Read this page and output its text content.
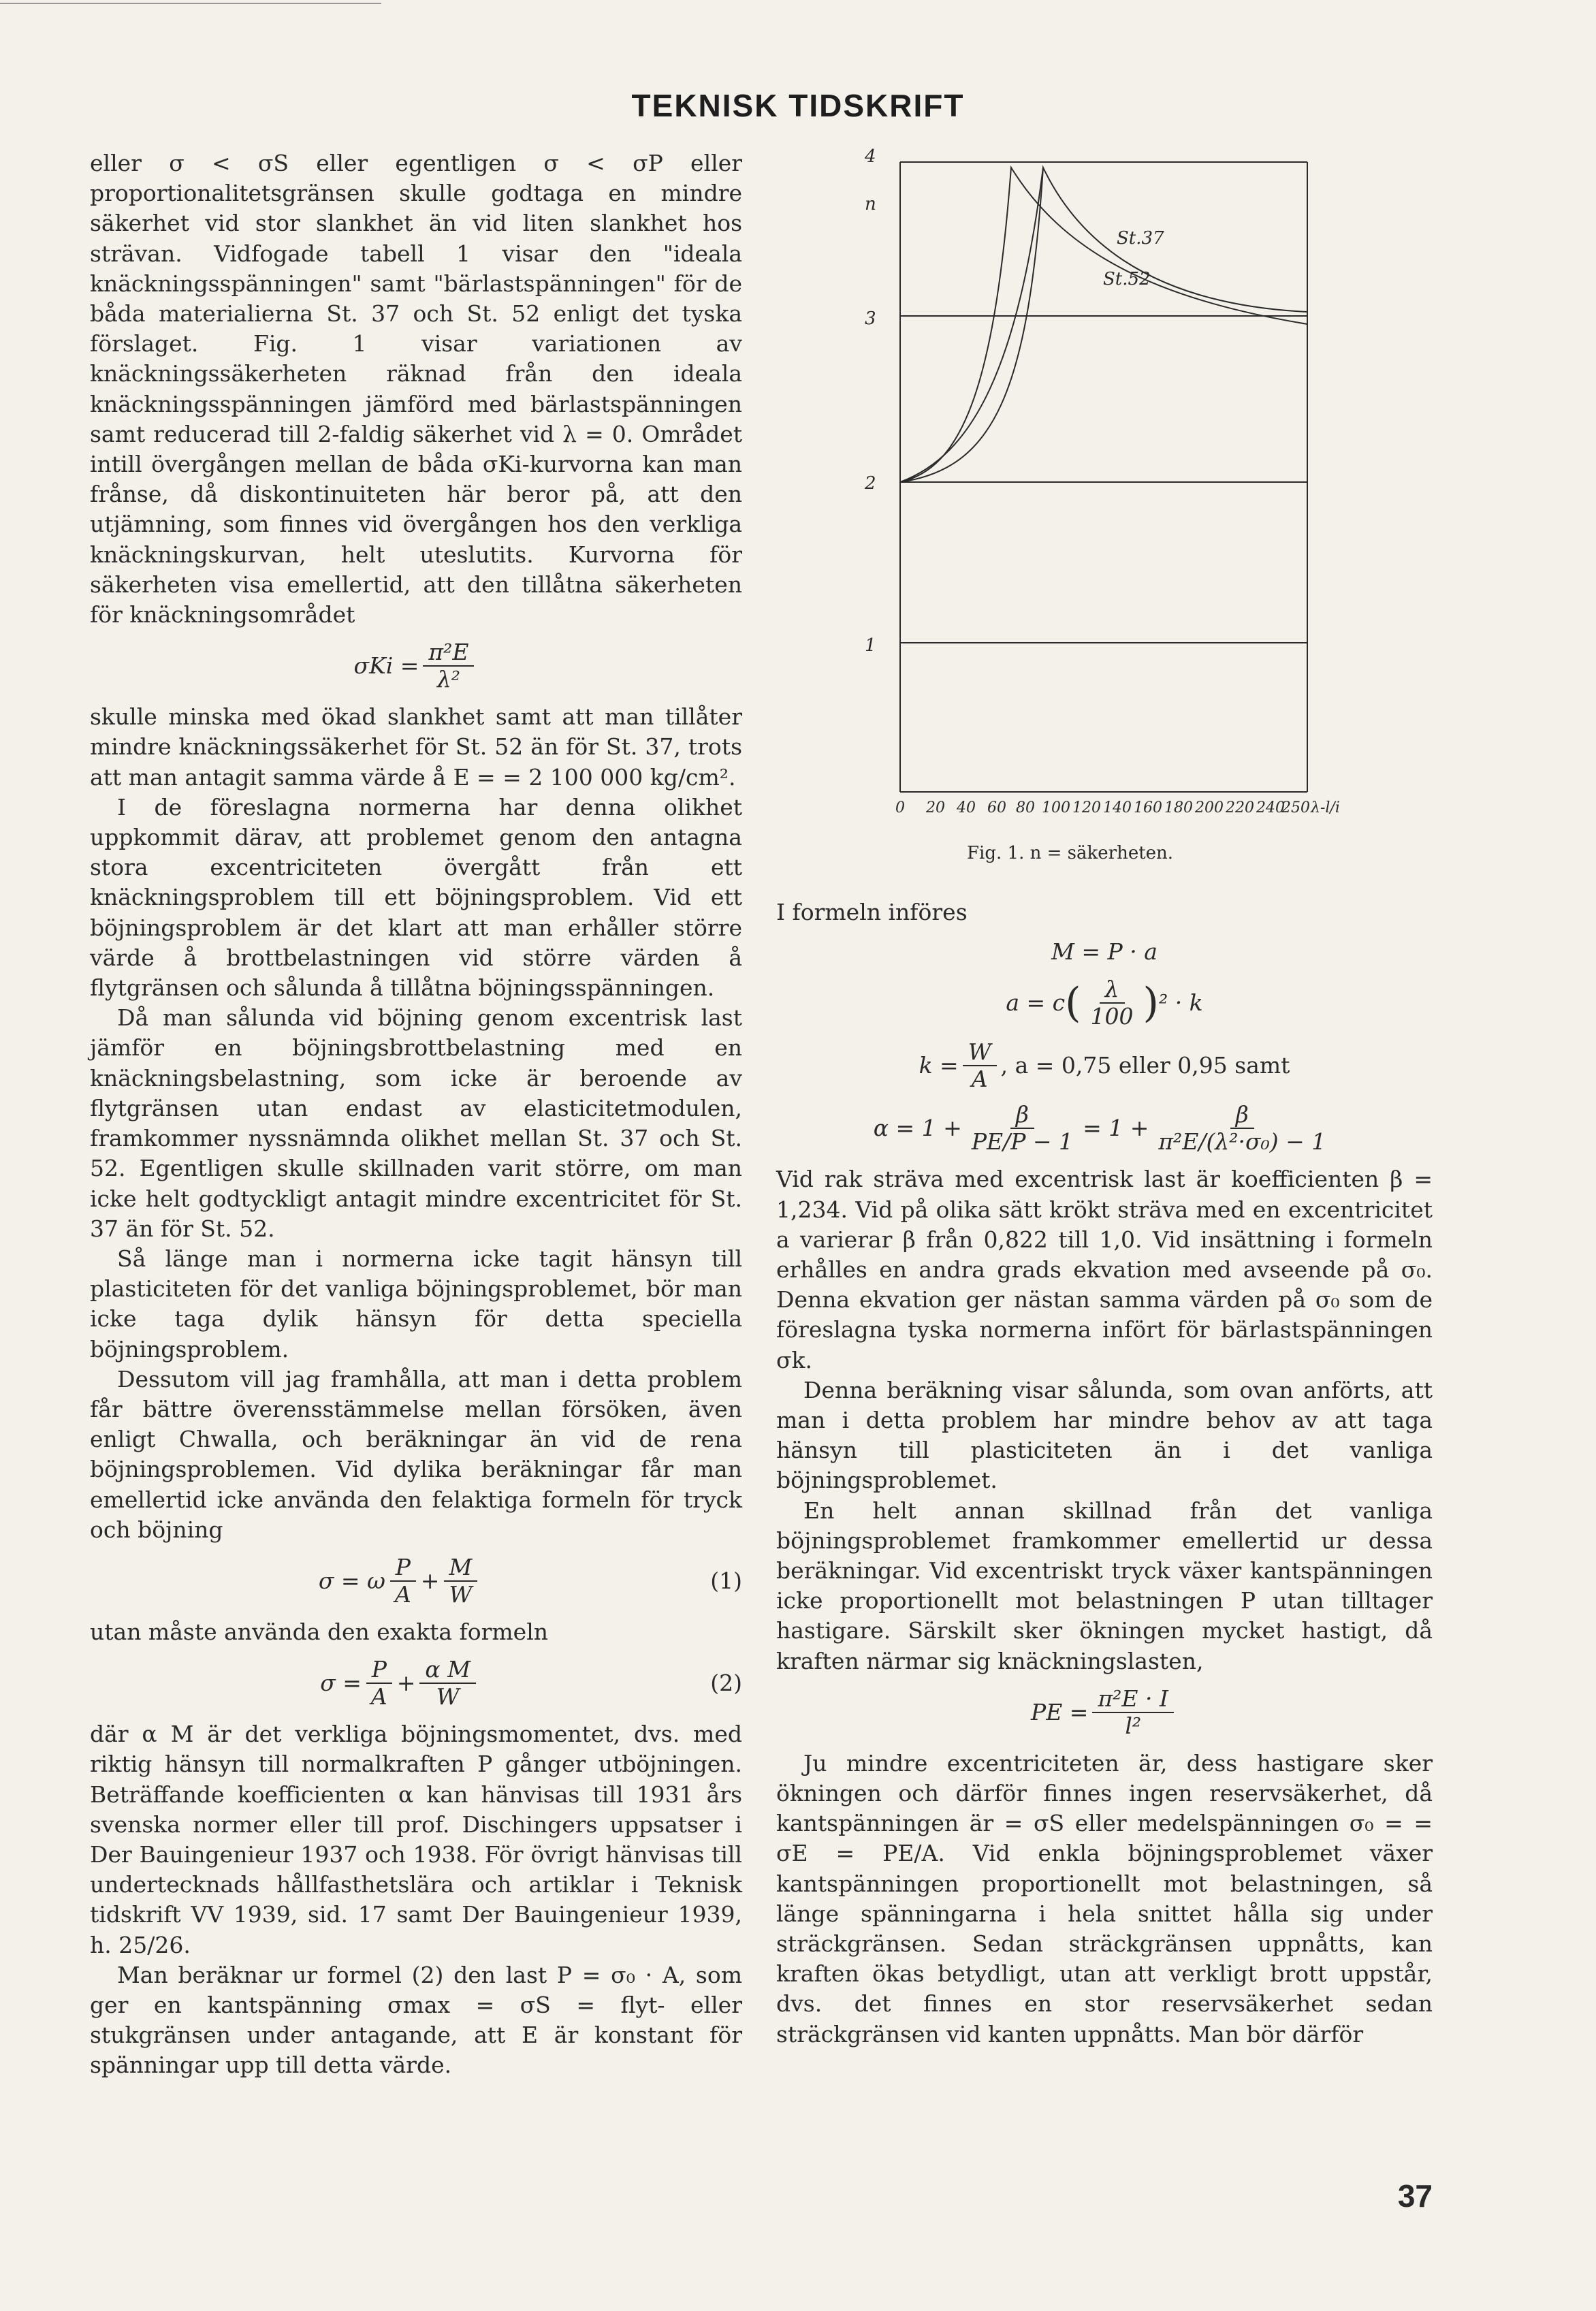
TEKNISK TIDSKRIFT

eller σ < σS eller egentligen σ < σP eller proportionalitetsgränsen skulle godtaga en mindre säkerhet vid stor slankhet än vid liten slankhet hos strävan. Vidfogade tabell 1 visar den "ideala knäckningsspänningen" samt "bärlastspänningen" för de båda materialierna St. 37 och St. 52 enligt det tyska förslaget. Fig. 1 visar variationen av knäckningssäkerheten räknad från den ideala knäckningsspänningen jämförd med bärlastspänningen samt reducerad till 2-faldig säkerhet vid λ = 0. Området intill övergången mellan de båda σKi-kurvorna kan man frånse, då diskontinuiteten här beror på, att den utjämning, som finnes vid övergången hos den verkliga knäckningskurvan, helt uteslutits. Kurvorna för säkerheten visa emellertid, att den tillåtna säkerheten för knäckningsområdet

$\sigma Ki = \frac{\text{π²E}}{\text{λ²}}$

skulle minska med ökad slankhet samt att man tillåter mindre knäckningssäkerhet för St. 52 än för St. 37, trots att man antagit samma värde å E = = 2 100 000 kg/cm².

I de föreslagna normerna har denna olikhet uppkommit därav, att problemet genom den antagna stora excentriciteten övergått från ett knäckningsproblem till ett böjningsproblem. Vid ett böjningsproblem är det klart att man erhåller större värde å brottbelastningen vid större värden å flytgränsen och sålunda å tillåtna böjningsspänningen.

Då man sålunda vid böjning genom excentrisk last jämför en böjningsbrottbelastning med en knäckningsbelastning, som icke är beroende av flytgränsen utan endast av elasticitetmodulen, framkommer nyssnämnda olikhet mellan St. 37 och St. 52. Egentligen skulle skillnaden varit större, om man icke helt godtyckligt antagit mindre excentricitet för St. 37 än för St. 52.

Så länge man i normerna icke tagit hänsyn till plasticiteten för det vanliga böjningsproblemet, bör man icke taga dylik hänsyn för detta speciella böjningsproblem.

Dessutom vill jag framhålla, att man i detta problem får bättre överensstämmelse mellan försöken, även enligt Chwalla, och beräkningar än vid de rena böjningsproblemen. Vid dylika beräkningar får man emellertid icke använda den felaktiga formeln för tryck och böjning

σ = ω $\frac{P}{A} + \frac{M}{W}$	(1)

utan måste använda den exakta formeln

$\sigma = \frac{P}{A} + \frac{\text{α M}}{W}$	(2)

där α M är det verkliga böjningsmomentet, dvs. med riktig hänsyn till normalkraften P gånger utböjningen. Beträffande koefficienten α kan hänvisas till 1931 års svenska normer eller till prof. Dischingers uppsatser i Der Bauingenieur 1937 och 1938. För övrigt hänvisas till undertecknads hållfasthetslära och artiklar i Teknisk tidskrift VV 1939, sid. 17 samt Der Bauingenieur 1939, h. 25/26.

Man beräknar ur formel (2) den last P = σ₀ · A, som ger en kantspänning σmax = σS = flyt- eller stukgränsen under antagande, att E är konstant för spänningar upp till detta värde.

4
n
3
2
1
St.37
St.52
0 20 40 60 80 100 120 140 160 180 200 220 240
250 λ-l/i
Fig. 1. n = säkerheten.

I formeln införes

M = P · a
a = c ( $\frac{\lambda}{100}$ ) ² · k
$k = \frac{W}{A}$ , a = 0,75 eller 0,95 samt
$\alpha = 1 + \frac{\beta}{PE/P - 1} = 1 + \frac{\beta}{\text{π²E/(λ²·σ₀) − 1}}$

Vid rak sträva med excentrisk last är koefficienten β = 1,234. Vid på olika sätt krökt sträva med en excentricitet a varierar β från 0,822 till 1,0. Vid insättning i formeln erhålles en andra grads ekvation med avseende på σ₀. Denna ekvation ger nästan samma värden på σ₀ som de föreslagna tyska normerna infört för bärlastspänningen σk.

Denna beräkning visar sålunda, som ovan anförts, att man i detta problem har mindre behov av att taga hänsyn till plasticiteten än i det vanliga böjningsproblemet.

En helt annan skillnad från det vanliga böjningsproblemet framkommer emellertid ur dessa beräkningar. Vid excentriskt tryck växer kantspänningen icke proportionellt mot belastningen P utan tilltager hastigare. Särskilt sker ökningen mycket hastigt, då kraften närmar sig knäckningslasten,

PE = $\frac{\text{π²E · I}}{\text{l²}}$

Ju mindre excentriciteten är, dess hastigare sker ökningen och därför finnes ingen reservsäkerhet, då kantspänningen är = σS eller medelspänningen σ₀ = = σE = PE/A. Vid enkla böjningsproblemet växer kantspänningen proportionellt mot belastningen, så länge spänningarna i hela snittet hålla sig under sträckgränsen. Sedan sträckgränsen uppnåtts, kan kraften ökas betydligt, utan att verkligt brott uppstår, dvs. det finnes en stor reservsäkerhet sedan sträckgränsen vid kanten uppnåtts. Man bör därför

37
